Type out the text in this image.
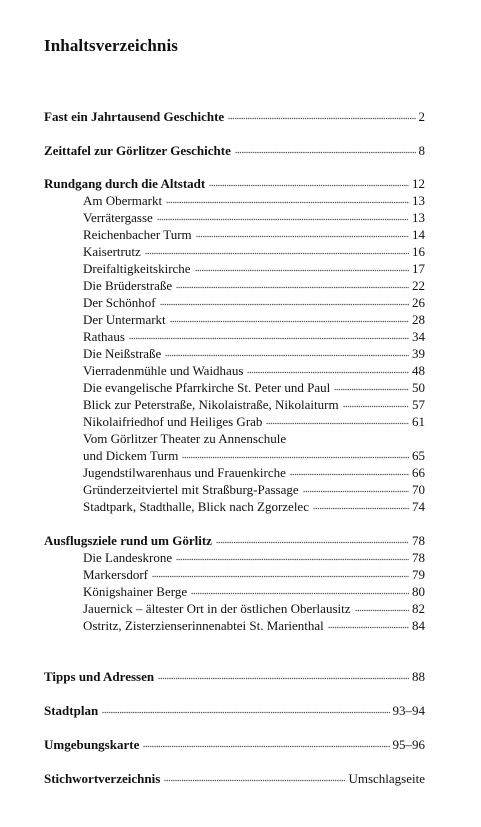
Inhaltsverzeichnis
Fast ein Jahrtausend Geschichte	2
Zeittafel zur Görlitzer Geschichte	8
Rundgang durch die Altstadt	12
Am Obermarkt	13
Verrätergasse	13
Reichenbacher Turm	14
Kaisertrutz	16
Dreifaltigkeitskirche	17
Die Brüderstraße	22
Der Schönhof	26
Der Untermarkt	28
Rathaus	34
Die Neißstraße	39
Vierradenmühle und Waidhaus	48
Die evangelische Pfarrkirche St. Peter und Paul	50
Blick zur Peterstraße, Nikolaistraße, Nikolaiturm	57
Nikolaifriedhof und Heiliges Grab	61
Vom Görlitzer Theater zu Annenschule
und Dickem Turm	65
Jugendstilwarenhaus und Frauenkirche	66
Gründerzeitviertel mit Straßburg-Passage	70
Stadtpark, Stadthalle, Blick nach Zgorzelec	74
Ausflugsziele rund um Görlitz	78
Die Landeskrone	78
Markersdorf	79
Königshainer Berge	80
Jauernick – ältester Ort in der östlichen Oberlausitz	82
Ostritz, Zisterzienserinnenabtei St. Marienthal	84
Tipps und Adressen	88
Stadtplan	93–94
Umgebungskarte	95–96
Stichwortverzeichnis	Umschlagseite
